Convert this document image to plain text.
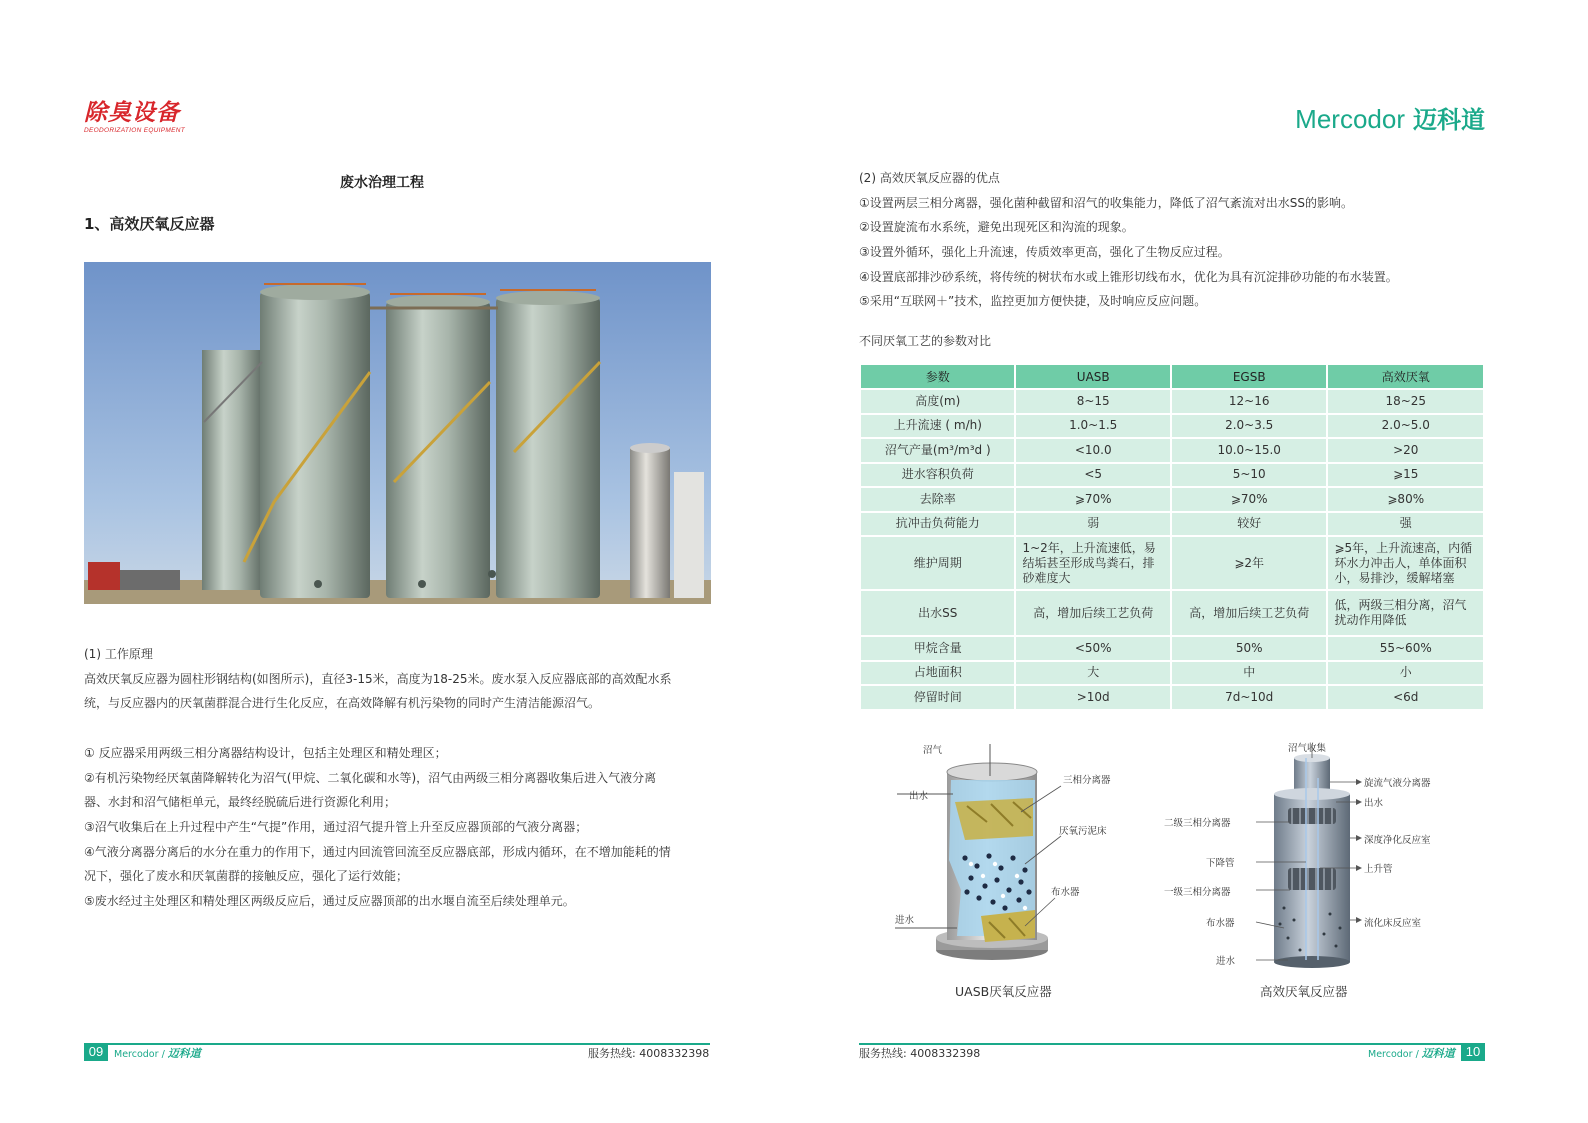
除臭设备
DEODORIZATION EQUIPMENT	Mercodor 迈科道
废水治理工程
1、高效厌氧反应器
(1) 工作原理
高效厌氧反应器为圆柱形钢结构(如图所示)，直径3-15米，高度为18-25米。废水泵入反应器底部的高效配水系
统，与反应器内的厌氧菌群混合进行生化反应，在高效降解有机污染物的同时产生清洁能源沼气。
① 反应器采用两级三相分离器结构设计，包括主处理区和精处理区；
②有机污染物经厌氧菌降解转化为沼气(甲烷、二氧化碳和水等)，沼气由两级三相分离器收集后进入气液分离
器、水封和沼气储柜单元，最终经脱硫后进行资源化利用；
③沼气收集后在上升过程中产生“气提”作用，通过沼气提升管上升至反应器顶部的气液分离器；
④气液分离器分离后的水分在重力的作用下，通过内回流管回流至反应器底部，形成内循环，在不增加能耗的情
况下，强化了废水和厌氧菌群的接触反应，强化了运行效能；
⑤废水经过主处理区和精处理区两级反应后，通过反应器顶部的出水堰自流至后续处理单元。
(2) 高效厌氧反应器的优点
①设置两层三相分离器，强化菌种截留和沼气的收集能力，降低了沼气紊流对出水SS的影响。
②设置旋流布水系统，避免出现死区和沟流的现象。
③设置外循环，强化上升流速，传质效率更高，强化了生物反应过程。
④设置底部排沙砂系统，将传统的树状布水或上锥形切线布水，优化为具有沉淀排砂功能的布水装置。
⑤采用“互联网＋”技术，监控更加方便快捷，及时响应反应问题。
不同厌氧工艺的参数对比
参数	UASB	EGSB	高效厌氧
高度(m)	8~15	12~16	18~25
上升流速 ( m/h)	1.0~1.5	2.0~3.5	2.0~5.0
沼气产量(m³/m³d )	<10.0	10.0~15.0	>20
进水容积负荷	<5	5~10	⩾15
去除率	⩾70%	⩾70%	⩾80%
抗冲击负荷能力	弱	较好	强
维护周期	1~2年，上升流速低，易结垢甚至形成鸟粪石，排砂难度大	⩾2年	⩾5年，上升流速高，内循环水力冲击人，单体面积小，易排沙，缓解堵塞
出水SS	高，增加后续工艺负荷	高，增加后续工艺负荷	低，两级三相分离，沼气扰动作用降低
甲烷含量	<50%	50%	55~60%
占地面积	大	中	小
停留时间	>10d	7d~10d	<6d
沼气
出水
三相分离器
厌氧污泥床
布水器
进水
UASB厌氧反应器
沼气收集
旋流气液分离器
出水
二级三相分离器
深度净化反应室
下降管
上升管
一级三相分离器
布水器	流化床反应室
进水
高效厌氧反应器
09	Mercodor / 迈科道	服务热线: 4008332398	服务热线: 4008332398	Mercodor / 迈科道 10
